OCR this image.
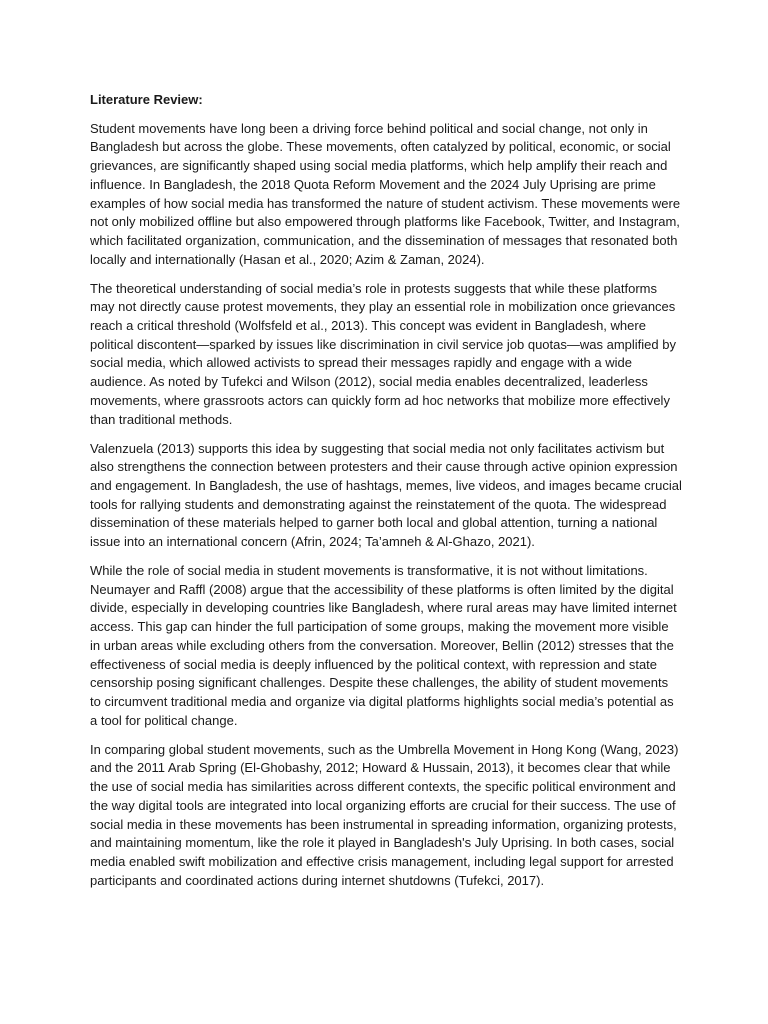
Literature Review:

Student movements have long been a driving force behind political and social change, not only in Bangladesh but across the globe. These movements, often catalyzed by political, economic, or social grievances, are significantly shaped using social media platforms, which help amplify their reach and influence. In Bangladesh, the 2018 Quota Reform Movement and the 2024 July Uprising are prime examples of how social media has transformed the nature of student activism. These movements were not only mobilized offline but also empowered through platforms like Facebook, Twitter, and Instagram, which facilitated organization, communication, and the dissemination of messages that resonated both locally and internationally (Hasan et al., 2020; Azim & Zaman, 2024).

The theoretical understanding of social media’s role in protests suggests that while these platforms may not directly cause protest movements, they play an essential role in mobilization once grievances reach a critical threshold (Wolfsfeld et al., 2013). This concept was evident in Bangladesh, where political discontent—sparked by issues like discrimination in civil service job quotas—was amplified by social media, which allowed activists to spread their messages rapidly and engage with a wide audience. As noted by Tufekci and Wilson (2012), social media enables decentralized, leaderless movements, where grassroots actors can quickly form ad hoc networks that mobilize more effectively than traditional methods.

Valenzuela (2013) supports this idea by suggesting that social media not only facilitates activism but also strengthens the connection between protesters and their cause through active opinion expression and engagement. In Bangladesh, the use of hashtags, memes, live videos, and images became crucial tools for rallying students and demonstrating against the reinstatement of the quota. The widespread dissemination of these materials helped to garner both local and global attention, turning a national issue into an international concern (Afrin, 2024; Ta’amneh & Al-Ghazo, 2021).

While the role of social media in student movements is transformative, it is not without limitations. Neumayer and Raffl (2008) argue that the accessibility of these platforms is often limited by the digital divide, especially in developing countries like Bangladesh, where rural areas may have limited internet access. This gap can hinder the full participation of some groups, making the movement more visible in urban areas while excluding others from the conversation. Moreover, Bellin (2012) stresses that the effectiveness of social media is deeply influenced by the political context, with repression and state censorship posing significant challenges. Despite these challenges, the ability of student movements to circumvent traditional media and organize via digital platforms highlights social media’s potential as a tool for political change.

In comparing global student movements, such as the Umbrella Movement in Hong Kong (Wang, 2023) and the 2011 Arab Spring (El-Ghobashy, 2012; Howard & Hussain, 2013), it becomes clear that while the use of social media has similarities across different contexts, the specific political environment and the way digital tools are integrated into local organizing efforts are crucial for their success. The use of social media in these movements has been instrumental in spreading information, organizing protests, and maintaining momentum, like the role it played in Bangladesh's July Uprising. In both cases, social media enabled swift mobilization and effective crisis management, including legal support for arrested participants and coordinated actions during internet shutdowns (Tufekci, 2017).
